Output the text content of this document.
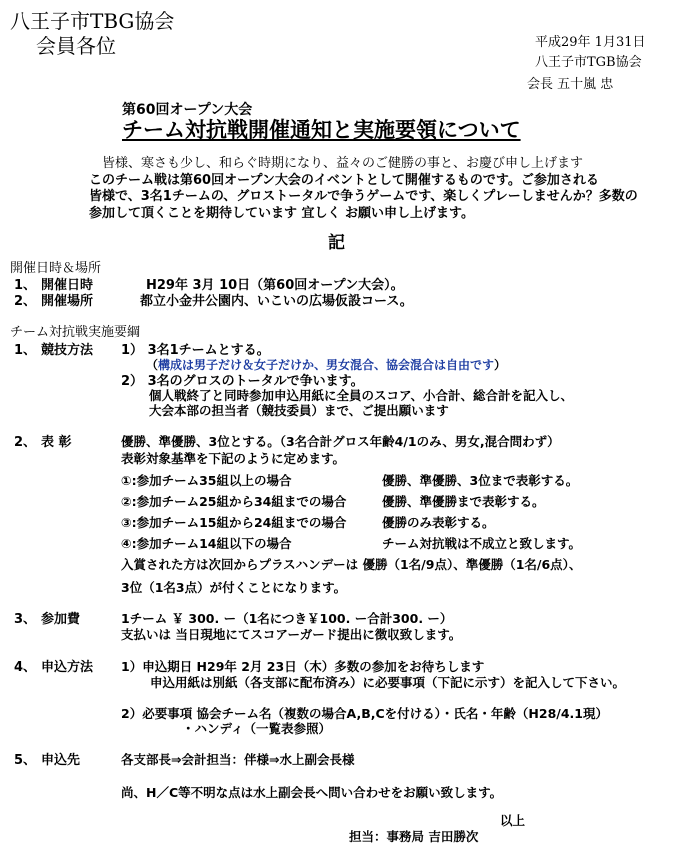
八王子市TBG協会
会員各位	平成29年 1月31日
八王子市TGB協会
会長 五十嵐 忠
第60回オープン大会
チーム対抗戦開催通知と実施要領について
皆様、寒さも少し、和らぐ時期になり、益々のご健勝の事と、お慶び申し上げます
このチーム戦は第60回オープン大会のイベントとして開催するものです。ご参加される
皆様で、3名1チームの、グロストータルで争うゲームです、楽しくプレーしませんか？多数の
参加して頂くことを期待しています 宜しく お願い申し上げます。
記
開催日時＆場所
1、 開催日時	H29年 3月 10日（第60回オープン大会）。
2、 開催場所	都立小金井公園内、いこいの広場仮設コース。
チーム対抗戦実施要綱
1、 競技方法 1） 3名1チームとする。
（構成は男子だけ＆女子だけか、男女混合、協会混合は自由です）
2） 3名のグロスのトータルで争います。
個人戦終了と同時参加申込用紙に全員のスコア、小合計、総合計を記入し、
大会本部の担当者（競技委員）まで、ご提出願います
2、 表 彰	優勝、準優勝、3位とする。（3名合計グロス年齢4/1のみ、男女,混合問わず）
表彰対象基準を下記のように定めます。
①:参加チーム35組以上の場合	優勝、準優勝、3位まで表彰する。
②:参加チーム25組から34組までの場合	優勝、準優勝まで表彰する。
③:参加チーム15組から24組までの場合	優勝のみ表彰する。
④:参加チーム14組以下の場合	チーム対抗戦は不成立と致します。
入賞された方は次回からプラスハンデーは 優勝（1名/9点）、準優勝（1名/6点）、
3位（1名3点）が付くことになります。
3、 参加費	1チーム ￥ 300. ー（1名につき￥100. ー合計300. ー）
支払いは 当日現地にてスコアーガード提出に徴収致します。
4、 申込方法 1）申込期日 H29年 2月 23日（木）多数の参加をお待ちします
申込用紙は別紙（各支部に配布済み）に必要事項（下記に示す）を記入して下さい。
2）必要事項 協会チーム名（複数の場合A,B,Cを付ける）・氏名・年齢（H28/4.1現）
・ハンディ（一覧表参照）
5、 申込先	各支部長⇒会計担当：伴様⇒水上副会長様
尚、H／C等不明な点は水上副会長へ問い合わせをお願い致します。
以上
担当：事務局 吉田勝次
